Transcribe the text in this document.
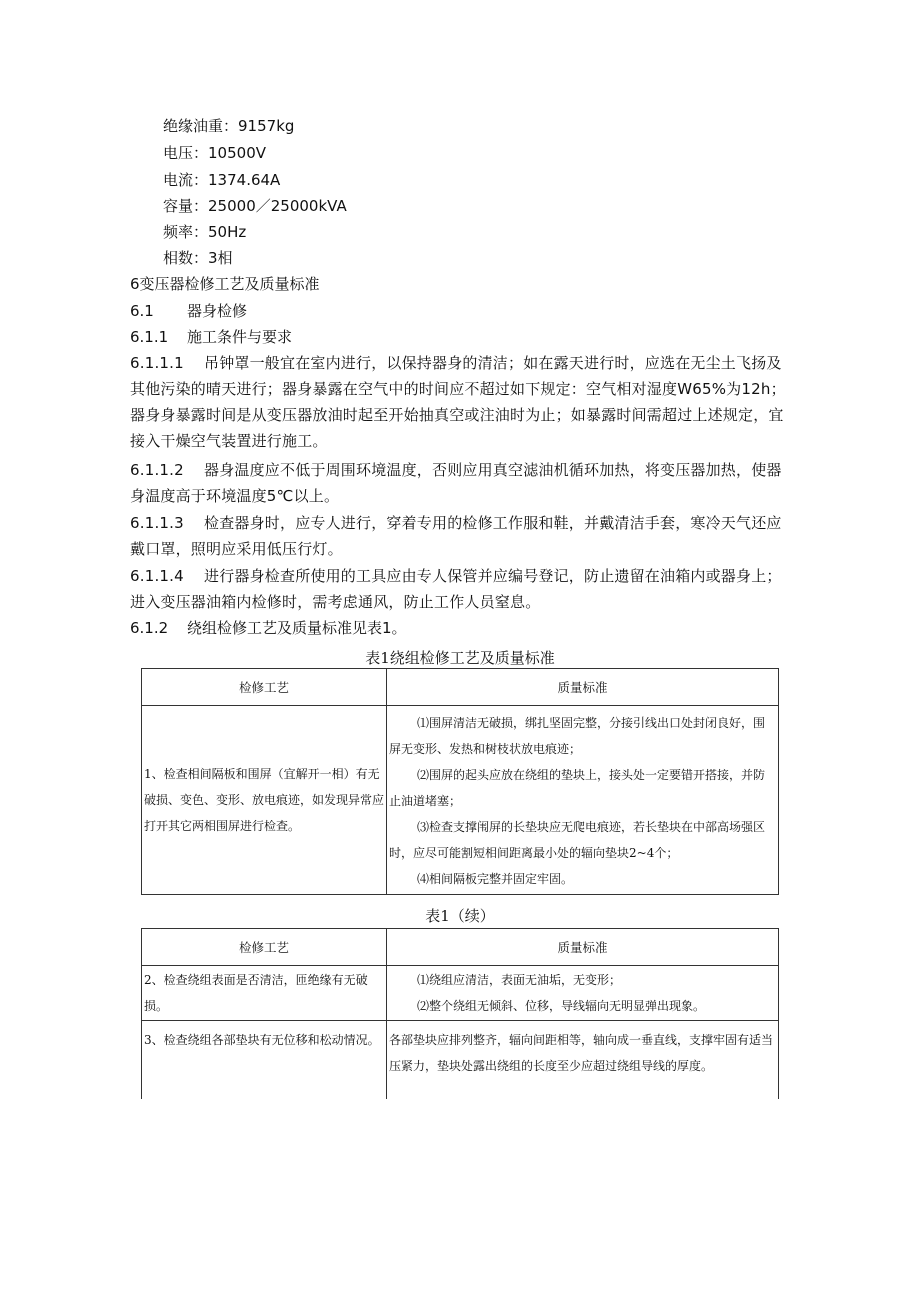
绝缘油重：9157kg
电压：10500V
电流：1374.64A
容量：25000／25000kVA
频率：50Hz
相数：3相
6变压器检修工艺及质量标准
6.1 器身检修
6.1.1 施工条件与要求
6.1.1.1 吊钟罩一般宜在室内进行，以保持器身的清洁；如在露天进行时，应选在无尘土飞扬及其他污染的晴天进行；器身暴露在空气中的时间应不超过如下规定：空气相对湿度W65%为12h；器身身暴露时间是从变压器放油时起至开始抽真空或注油时为止；如暴露时间需超过上述规定，宜接入干燥空气装置进行施工。
6.1.1.2 器身温度应不低于周围环境温度，否则应用真空滤油机循环加热，将变压器加热，使器身温度高于环境温度5℃以上。
6.1.1.3 检查器身时，应专人进行，穿着专用的检修工作服和鞋，并戴清洁手套，寒冷天气还应戴口罩，照明应采用低压行灯。
6.1.1.4 进行器身检查所使用的工具应由专人保管并应编号登记，防止遗留在油箱内或器身上；进入变压器油箱内检修时，需考虑通风，防止工作人员窒息。
6.1.2 绕组检修工艺及质量标准见表1。
表1绕组检修工艺及质量标准
检修工艺	质量标准

1、检查相间隔板和围屏（宜解开一相）有无破损、变色、变形、放电痕迹，如发现异常应打开其它两相围屏进行检查。	⑴围屏清洁无破损，绑扎坚固完整，分接引线出口处封闭良好，围屏无变形、发热和树枝状放电痕迹；

⑵围屏的起头应放在绕组的垫块上，接头处一定要错开搭接，并防止油道堵塞；

⑶检查支撑闱屏的长垫块应无爬电痕迹，若长垫块在中部高场强区时，应尽可能割短相间距离最小处的辐向垫块2~4个；

⑷相间隔板完整并固定牢固。

表1（续）
检修工艺	质量标准

2、检查绕组表面是否清洁，匝绝缘有无破损。	⑴绕组应清洁，表面无油垢，无变形；

⑵整个绕组无倾斜、位移，导线辐向无明显弹出现象。

3、检查绕组各部垫块有无位移和松动情况。	各部垫块应排列整齐，辐向间距相等，轴向成一垂直线，支撑牢固有适当压紧力，垫块处露出绕组的长度至少应超过绕组导线的厚度。
